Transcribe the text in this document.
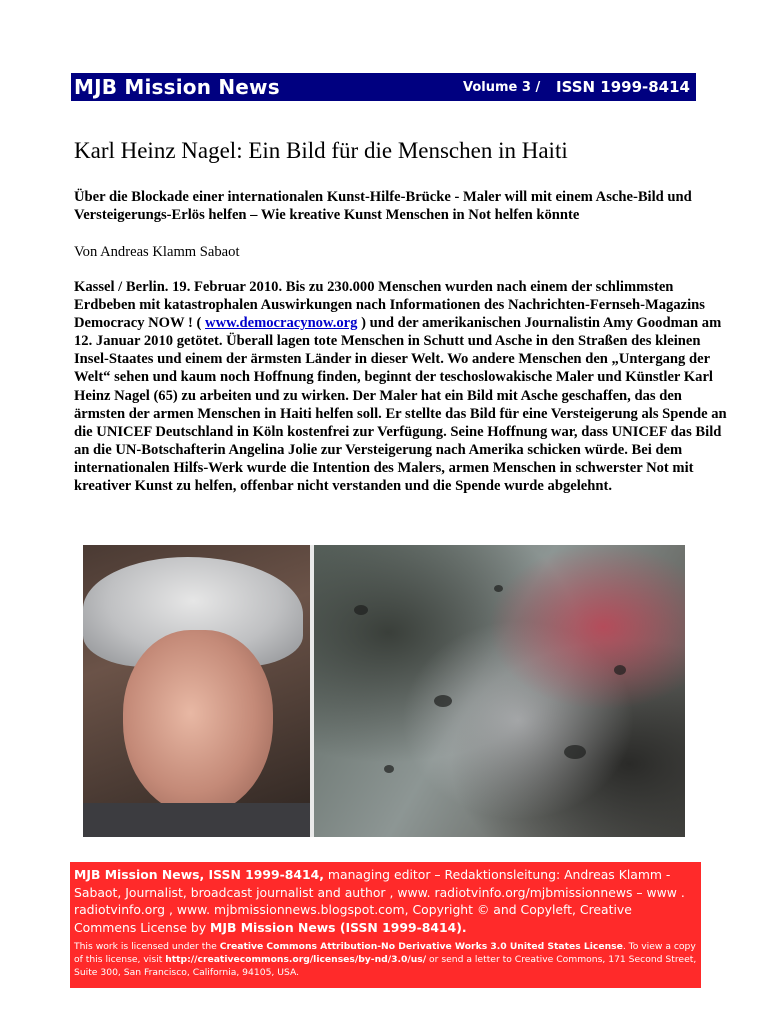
MJB Mission News	Volume 3 / ISSN 1999-8414
Karl Heinz Nagel: Ein Bild für die Menschen in Haiti

Über die Blockade einer internationalen Kunst-Hilfe-Brücke - Maler will mit einem Asche-Bild und Versteigerungs-Erlös helfen – Wie kreative Kunst Menschen in Not helfen könnte

Von Andreas Klamm Sabaot

Kassel / Berlin. 19. Februar 2010. Bis zu 230.000 Menschen wurden nach einem der schlimmsten Erdbeben mit katastrophalen Auswirkungen nach Informationen des Nachrichten-Fernseh-Magazins Democracy NOW ! ( www.democracynow.org ) und der amerikanischen Journalistin Amy Goodman am 12. Januar 2010 getötet. Überall lagen tote Menschen in Schutt und Asche in den Straßen des kleinen Insel-Staates und einem der ärmsten Länder in dieser Welt. Wo andere Menschen den „Untergang der Welt“ sehen und kaum noch Hoffnung finden, beginnt der teschoslowakische Maler und Künstler Karl Heinz Nagel (65) zu arbeiten und zu wirken. Der Maler hat ein Bild mit Asche geschaffen, das den ärmsten der armen Menschen in Haiti helfen soll. Er stellte das Bild für eine Versteigerung als Spende an die UNICEF Deutschland in Köln kostenfrei zur Verfügung. Seine Hoffnung war, dass UNICEF das Bild an die UN-Botschafterin Angelina Jolie zur Versteigerung nach Amerika schicken würde. Bei dem internationalen Hilfs-Werk wurde die Intention des Malers, armen Menschen in schwerster Not mit kreativer Kunst zu helfen, offenbar nicht verstanden und die Spende wurde abgelehnt.

MJB Mission News, ISSN 1999-8414, managing editor – Redaktionsleitung: Andreas Klamm - Sabaot, Journalist, broadcast journalist and author , www. radiotvinfo.org/mjbmissionnews – www . radiotvinfo.org , www. mjbmissionnews.blogspot.com, Copyright © and Copyleft, Creative Commens License by MJB Mission News (ISSN 1999-8414).
This work is licensed under the Creative Commons Attribution-No Derivative Works 3.0 United States License. To view a copy of this license, visit http://creativecommons.org/licenses/by-nd/3.0/us/ or send a letter to Creative Commons, 171 Second Street, Suite 300, San Francisco, California, 94105, USA.
